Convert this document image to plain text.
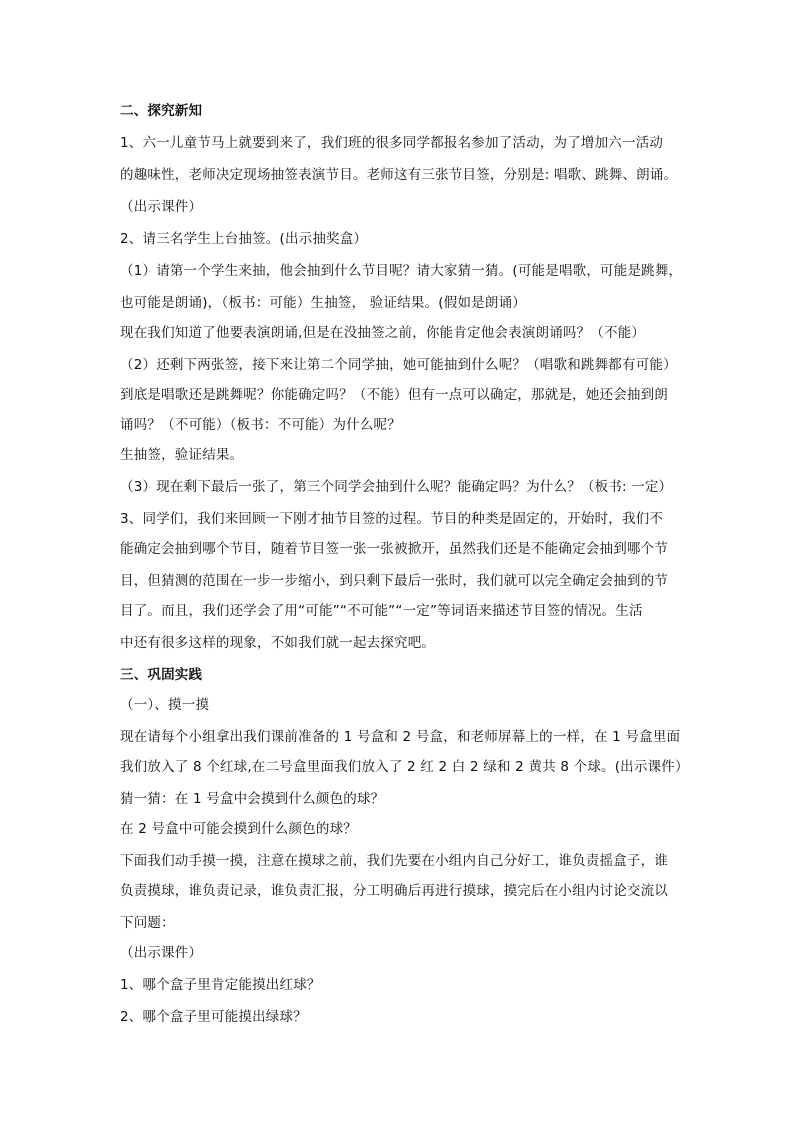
二、探究新知
1、六一儿童节马上就要到来了，我们班的很多同学都报名参加了活动，为了增加六一活动
的趣味性，老师决定现场抽签表演节目。老师这有三张节目签，分别是: 唱歌、跳舞、朗诵。
（出示课件）
2、请三名学生上台抽签。(出示抽奖盒）
（1）请第一个学生来抽，他会抽到什么节目呢？请大家猜一猜。(可能是唱歌，可能是跳舞，
也可能是朗诵)，（板书：可能）生抽签， 验证结果。(假如是朗诵）
现在我们知道了他要表演朗诵,但是在没抽签之前，你能肯定他会表演朗诵吗？（不能）
（2）还剩下两张签，接下来让第二个同学抽，她可能抽到什么呢？（唱歌和跳舞都有可能）
到底是唱歌还是跳舞呢？你能确定吗？（不能）但有一点可以确定，那就是，她还会抽到朗
诵吗？（不可能）（板书：不可能）为什么呢？
生抽签，验证结果。
（3）现在剩下最后一张了，第三个同学会抽到什么呢？能确定吗？为什么？（板书: 一定）
3、同学们，我们来回顾一下刚才抽节目签的过程。节目的种类是固定的，开始时，我们不
能确定会抽到哪个节目，随着节目签一张一张被掀开，虽然我们还是不能确定会抽到哪个节
目，但猜测的范围在一步一步缩小，到只剩下最后一张时，我们就可以完全确定会抽到的节
目了。而且，我们还学会了用“可能”“不可能”“一定”等词语来描述节目签的情况。生活
中还有很多这样的现象，不如我们就一起去探究吧。
三、巩固实践
（一）、摸一摸
现在请每个小组拿出我们课前准备的 1 号盒和 2 号盒，和老师屏幕上的一样，在 1 号盒里面
我们放入了 8 个红球,在二号盒里面我们放入了 2 红 2 白 2 绿和 2 黄共 8 个球。(出示课件）
猜一猜：在 1 号盒中会摸到什么颜色的球？
在 2 号盒中可能会摸到什么颜色的球？
下面我们动手摸一摸，注意在摸球之前，我们先要在小组内自己分好工，谁负责摇盒子，谁
负责摸球，谁负责记录，谁负责汇报，分工明确后再进行摸球，摸完后在小组内讨论交流以
下问题：
（出示课件）
1、哪个盒子里肯定能摸出红球？
2、哪个盒子里可能摸出绿球？
